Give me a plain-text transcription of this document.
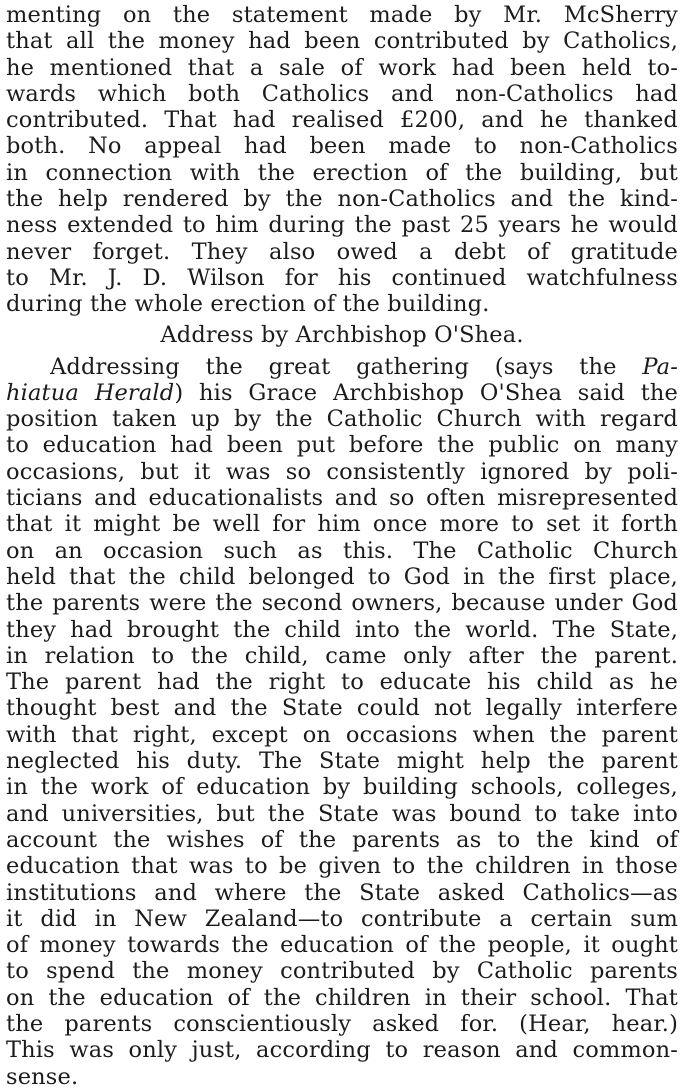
menting on the statement made by Mr. McSherry
that all the money had been contributed by Catholics,
he mentioned that a sale of work had been held to-
wards which both Catholics and non-Catholics had
contributed. That had realised £200, and he thanked
both. No appeal had been made to non-Catholics
in connection with the erection of the building, but
the help rendered by the non-Catholics and the kind-
ness extended to him during the past 25 years he would
never forget. They also owed a debt of gratitude
to Mr. J. D. Wilson for his continued watchfulness
during the whole erection of the building.
Address by Archbishop O'Shea.
Addressing the great gathering (says the Pa-
hiatua Herald) his Grace Archbishop O'Shea said the
position taken up by the Catholic Church with regard
to education had been put before the public on many
occasions, but it was so consistently ignored by poli-
ticians and educationalists and so often misrepresented
that it might be well for him once more to set it forth
on an occasion such as this. The Catholic Church
held that the child belonged to God in the first place,
the parents were the second owners, because under God
they had brought the child into the world. The State,
in relation to the child, came only after the parent.
The parent had the right to educate his child as he
thought best and the State could not legally interfere
with that right, except on occasions when the parent
neglected his duty. The State might help the parent
in the work of education by building schools, colleges,
and universities, but the State was bound to take into
account the wishes of the parents as to the kind of
education that was to be given to the children in those
institutions and where the State asked Catholics—as
it did in New Zealand—to contribute a certain sum
of money towards the education of the people, it ought
to spend the money contributed by Catholic parents
on the education of the children in their school. That
the parents conscientiously asked for. (Hear, hear.)
This was only just, according to reason and common-
sense.
